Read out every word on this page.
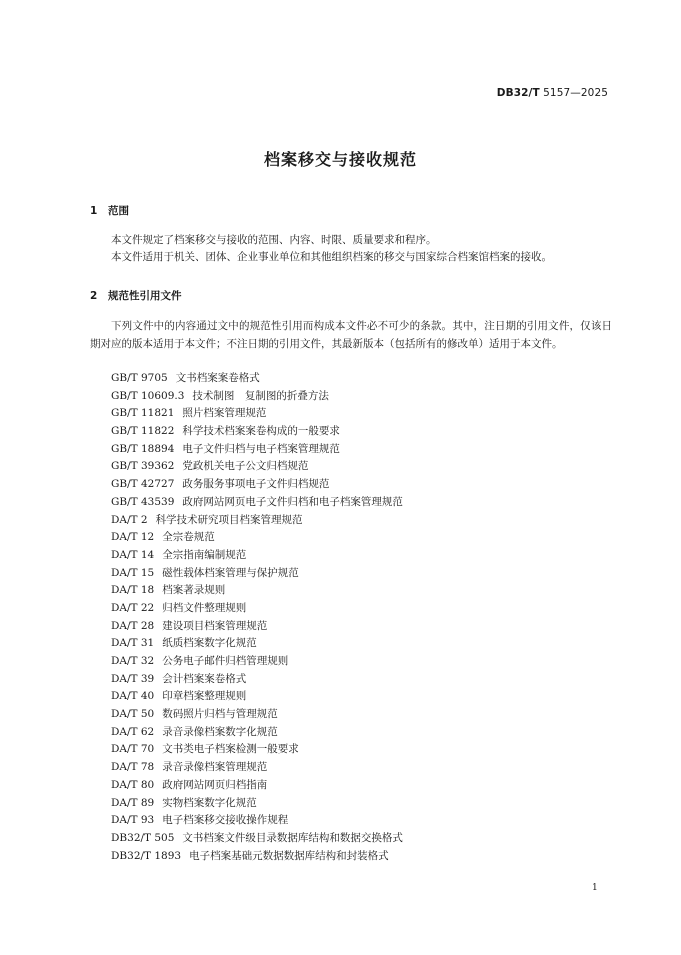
DB32/T 5157—2025
档案移交与接收规范
1 范围
本文件规定了档案移交与接收的范围、内容、时限、质量要求和程序。
本文件适用于机关、团体、企业事业单位和其他组织档案的移交与国家综合档案馆档案的接收。
2 规范性引用文件
下列文件中的内容通过文中的规范性引用而构成本文件必不可少的条款。其中，注日期的引用文件，仅该日期对应的版本适用于本文件；不注日期的引用文件，其最新版本（包括所有的修改单）适用于本文件。
GB/T 9705 文书档案案卷格式
GB/T 10609.3 技术制图　复制图的折叠方法
GB/T 11821 照片档案管理规范
GB/T 11822 科学技术档案案卷构成的一般要求
GB/T 18894 电子文件归档与电子档案管理规范
GB/T 39362 党政机关电子公文归档规范
GB/T 42727 政务服务事项电子文件归档规范
GB/T 43539 政府网站网页电子文件归档和电子档案管理规范
DA/T 2 科学技术研究项目档案管理规范
DA/T 12 全宗卷规范
DA/T 14 全宗指南编制规范
DA/T 15 磁性载体档案管理与保护规范
DA/T 18 档案著录规则
DA/T 22 归档文件整理规则
DA/T 28 建设项目档案管理规范
DA/T 31 纸质档案数字化规范
DA/T 32 公务电子邮件归档管理规则
DA/T 39 会计档案案卷格式
DA/T 40 印章档案整理规则
DA/T 50 数码照片归档与管理规范
DA/T 62 录音录像档案数字化规范
DA/T 70 文书类电子档案检测一般要求
DA/T 78 录音录像档案管理规范
DA/T 80 政府网站网页归档指南
DA/T 89 实物档案数字化规范
DA/T 93 电子档案移交接收操作规程
DB32/T 505 文书档案文件级目录数据库结构和数据交换格式
DB32/T 1893 电子档案基础元数据数据库结构和封装格式
1
